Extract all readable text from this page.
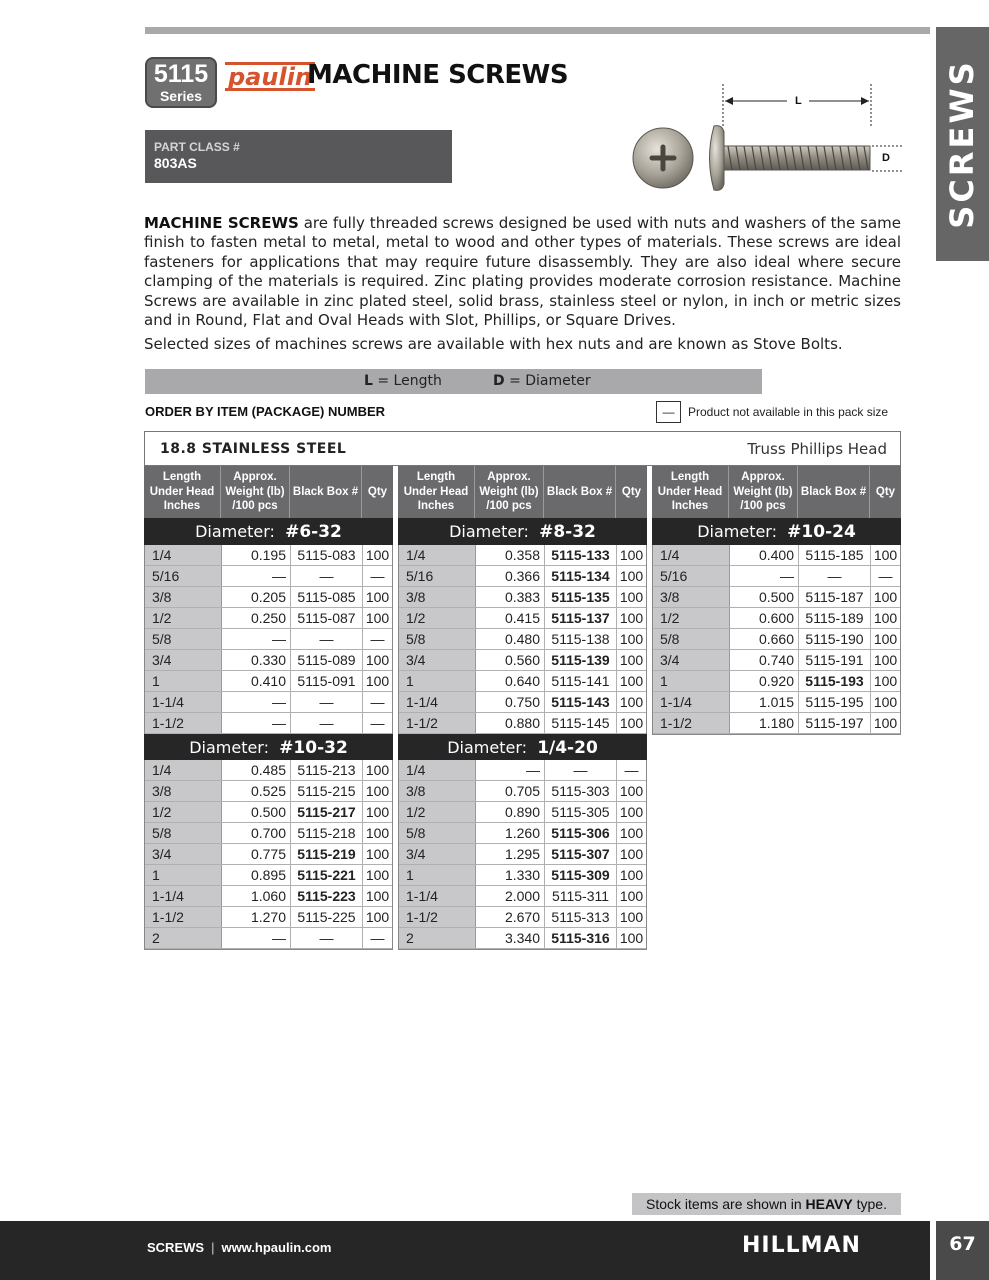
SCREWS
5115
Series
paulin
MACHINE SCREWS
PART CLASS #
803AS
L
D

MACHINE SCREWS are fully threaded screws designed be used with nuts and washers of the same finish to fasten metal to metal, metal to wood and other types of materials. These screws are ideal fasteners for applications that may require future disassembly. They are also ideal where secure clamping of the materials is required. Zinc plating provides moderate corrosion resistance. Machine Screws are available in zinc plated steel, solid brass, stainless steel or nylon, in inch or metric sizes and in Round, Flat and Oval Heads with Slot, Phillips, or Square Drives.

Selected sizes of machines screws are available with hex nuts and are known as Stove Bolts.

L = Length	D = Diameter
ORDER BY ITEM (PACKAGE) NUMBER	—	Product not available in this pack size
18.8 STAINLESS STEEL	Truss Phillips Head
Length
Under Head
Inches
Approx.
Weight (lb)
/100 pcs
Black Box # Qty
Diameter:  #6-32
1/4	0.195 5115-083 100
5/16	—	—	—
3/8	0.205 5115-085 100
1/2	0.250 5115-087 100
5/8	—	—	—
3/4	0.330 5115-089 100
1	0.410 5115-091 100
1-1/4	—	—	—
1-1/2	—	—	—
Length
Under Head
Inches
Approx.
Weight (lb)
/100 pcs
Black Box # Qty
Diameter:  #8-32
1/4	0.358 5115-133 100
5/16	0.366 5115-134 100
3/8	0.383 5115-135 100
1/2	0.415 5115-137 100
5/8	0.480 5115-138 100
3/4	0.560 5115-139 100
1	0.640 5115-141 100
1-1/4	0.750 5115-143 100
1-1/2	0.880 5115-145 100
Length
Under Head
Inches
Approx.
Weight (lb)
/100 pcs
Black Box # Qty
Diameter:  #10-24
1/4	0.400 5115-185 100
5/16	—	—	—
3/8	0.500 5115-187 100
1/2	0.600 5115-189 100
5/8	0.660 5115-190 100
3/4	0.740 5115-191 100
1	0.920 5115-193 100
1-1/4	1.015 5115-195 100
1-1/2	1.180 5115-197 100
Diameter:  #10-32
1/4	0.485 5115-213 100
3/8	0.525 5115-215 100
1/2	0.500 5115-217 100
5/8	0.700 5115-218 100
3/4	0.775 5115-219 100
1	0.895 5115-221 100
1-1/4	1.060 5115-223 100
1-1/2	1.270 5115-225 100
2	—	—	—
Diameter:  1/4-20
1/4	—	—	—
3/8	0.705 5115-303 100
1/2	0.890 5115-305 100
5/8	1.260 5115-306 100
3/4	1.295 5115-307 100
1	1.330 5115-309 100
1-1/4	2.000 5115-311 100
1-1/2	2.670 5115-313 100
2	3.340 5115-316 100
Stock items are shown in HEAVY type.
SCREWS | www.hpaulin.com	HILLMAN	67
